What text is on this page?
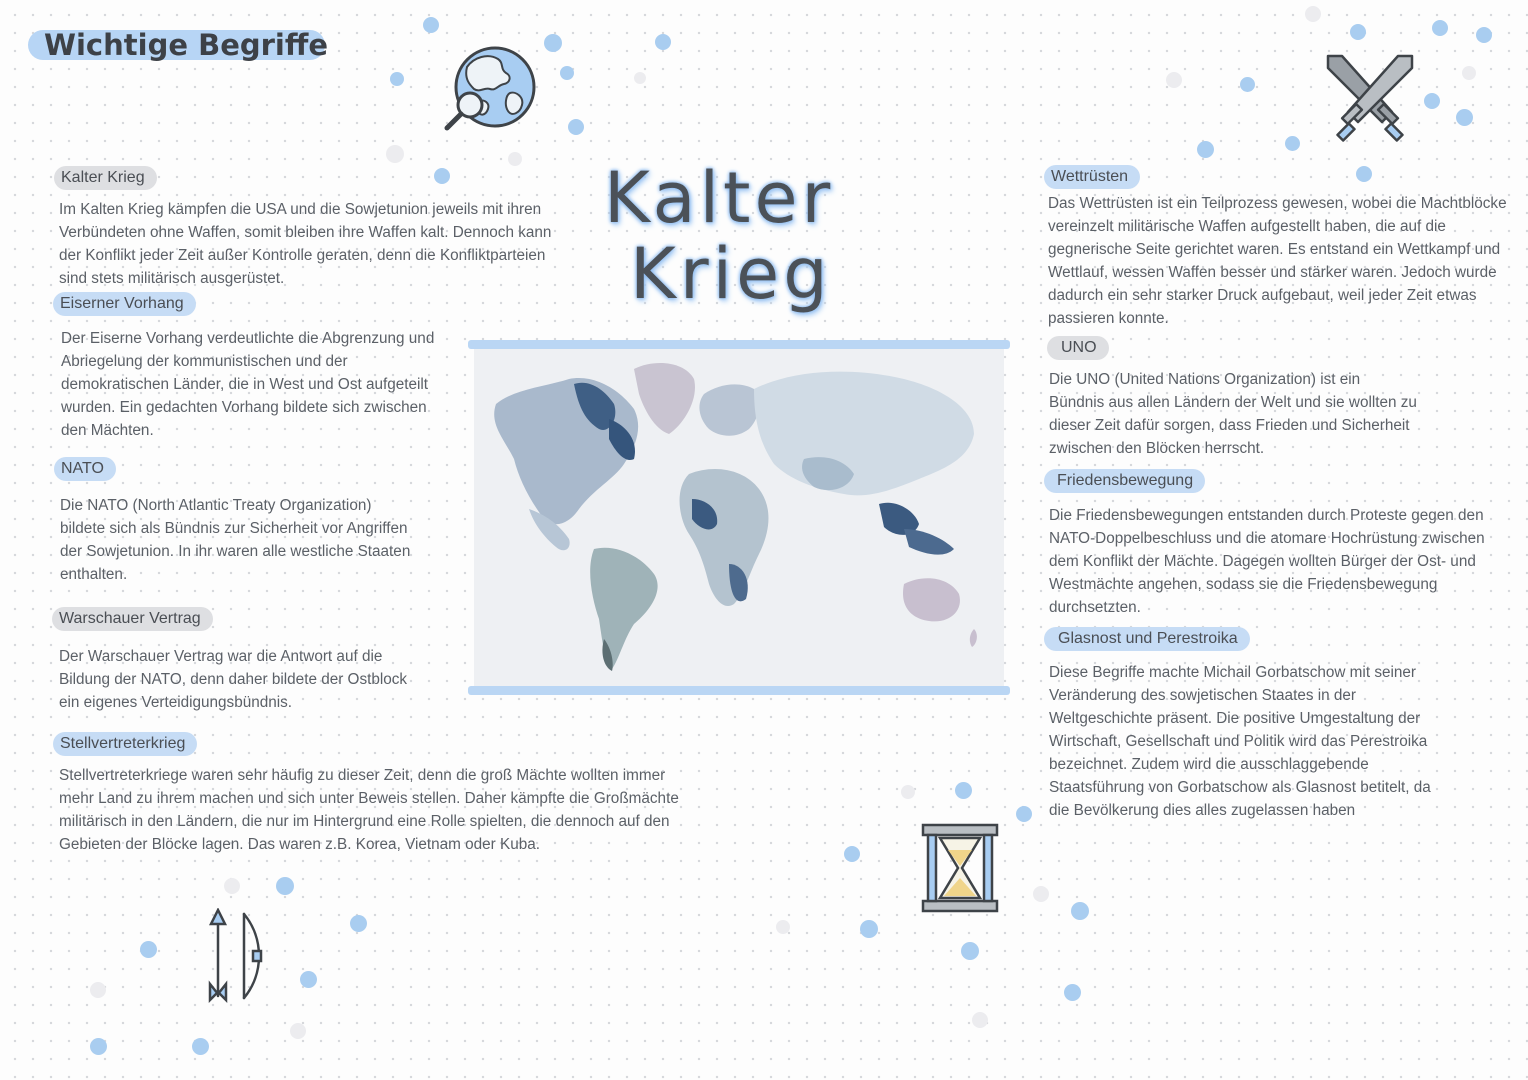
Wichtige Begriffe
Kalter
Krieg
Kalter Krieg

Im Kalten Krieg kämpfen die USA und die Sowjetunion jeweils mit ihren Verbündeten ohne Waffen, somit bleiben ihre Waffen kalt. Dennoch kann der Konflikt jeder Zeit außer Kontrolle geraten, denn die Konfliktparteien sind stets militärisch ausgerüstet.

Eiserner Vorhang

Der Eiserne Vorhang verdeutlichte die Abgrenzung und Abriegelung der kommunistischen und der demokratischen Länder, die in West und Ost aufgeteilt wurden. Ein gedachten Vorhang bildete sich zwischen den Mächten.

NATO

Die NATO (North Atlantic Treaty Organization) bildete sich als Bündnis zur Sicherheit vor Angriffen der Sowjetunion. In ihr waren alle westliche Staaten enthalten.

Warschauer Vertrag

Der Warschauer Vertrag war die Antwort auf die Bildung der NATO, denn daher bildete der Ostblock ein eigenes Verteidigungsbündnis.

Stellvertreterkrieg

Stellvertreterkriege waren sehr häufig zu dieser Zeit, denn die groß Mächte wollten immer mehr Land zu ihrem machen und sich unter Beweis stellen. Daher kämpfte die Großmächte militärisch in den Ländern, die nur im Hintergrund eine Rolle spielten, die dennoch auf den Gebieten der Blöcke lagen. Das waren z.B. Korea, Vietnam oder Kuba.

Wettrüsten

Das Wettrüsten ist ein Teilprozess gewesen, wobei die Machtblöcke vereinzelt militärische Waffen aufgestellt haben, die auf die gegnerische Seite gerichtet waren. Es entstand ein Wettkampf und Wettlauf, wessen Waffen besser und stärker waren. Jedoch wurde dadurch ein sehr starker Druck aufgebaut, weil jeder Zeit etwas passieren konnte.

UNO

Die UNO (United Nations Organization) ist ein Bündnis aus allen Ländern der Welt und sie wollten zu dieser Zeit dafür sorgen, dass Frieden und Sicherheit zwischen den Blöcken herrscht.

Friedensbewegung

Die Friedensbewegungen entstanden durch Proteste gegen den NATO-Doppelbeschluss und die atomare Hochrüstung zwischen dem Konflikt der Mächte. Dagegen wollten Bürger der Ost- und Westmächte angehen, sodass sie die Friedensbewegung durchsetzten.

Glasnost und Perestroika

Diese Begriffe machte Michail Gorbatschow mit seiner Veränderung des sowjetischen Staates in der Weltgeschichte präsent. Die positive Umgestaltung der Wirtschaft, Gesellschaft und Politik wird das Perestroika bezeichnet. Zudem wird die ausschlaggebende Staatsführung von Gorbatschow als Glasnost betitelt, da die Bevölkerung dies alles zugelassen haben
